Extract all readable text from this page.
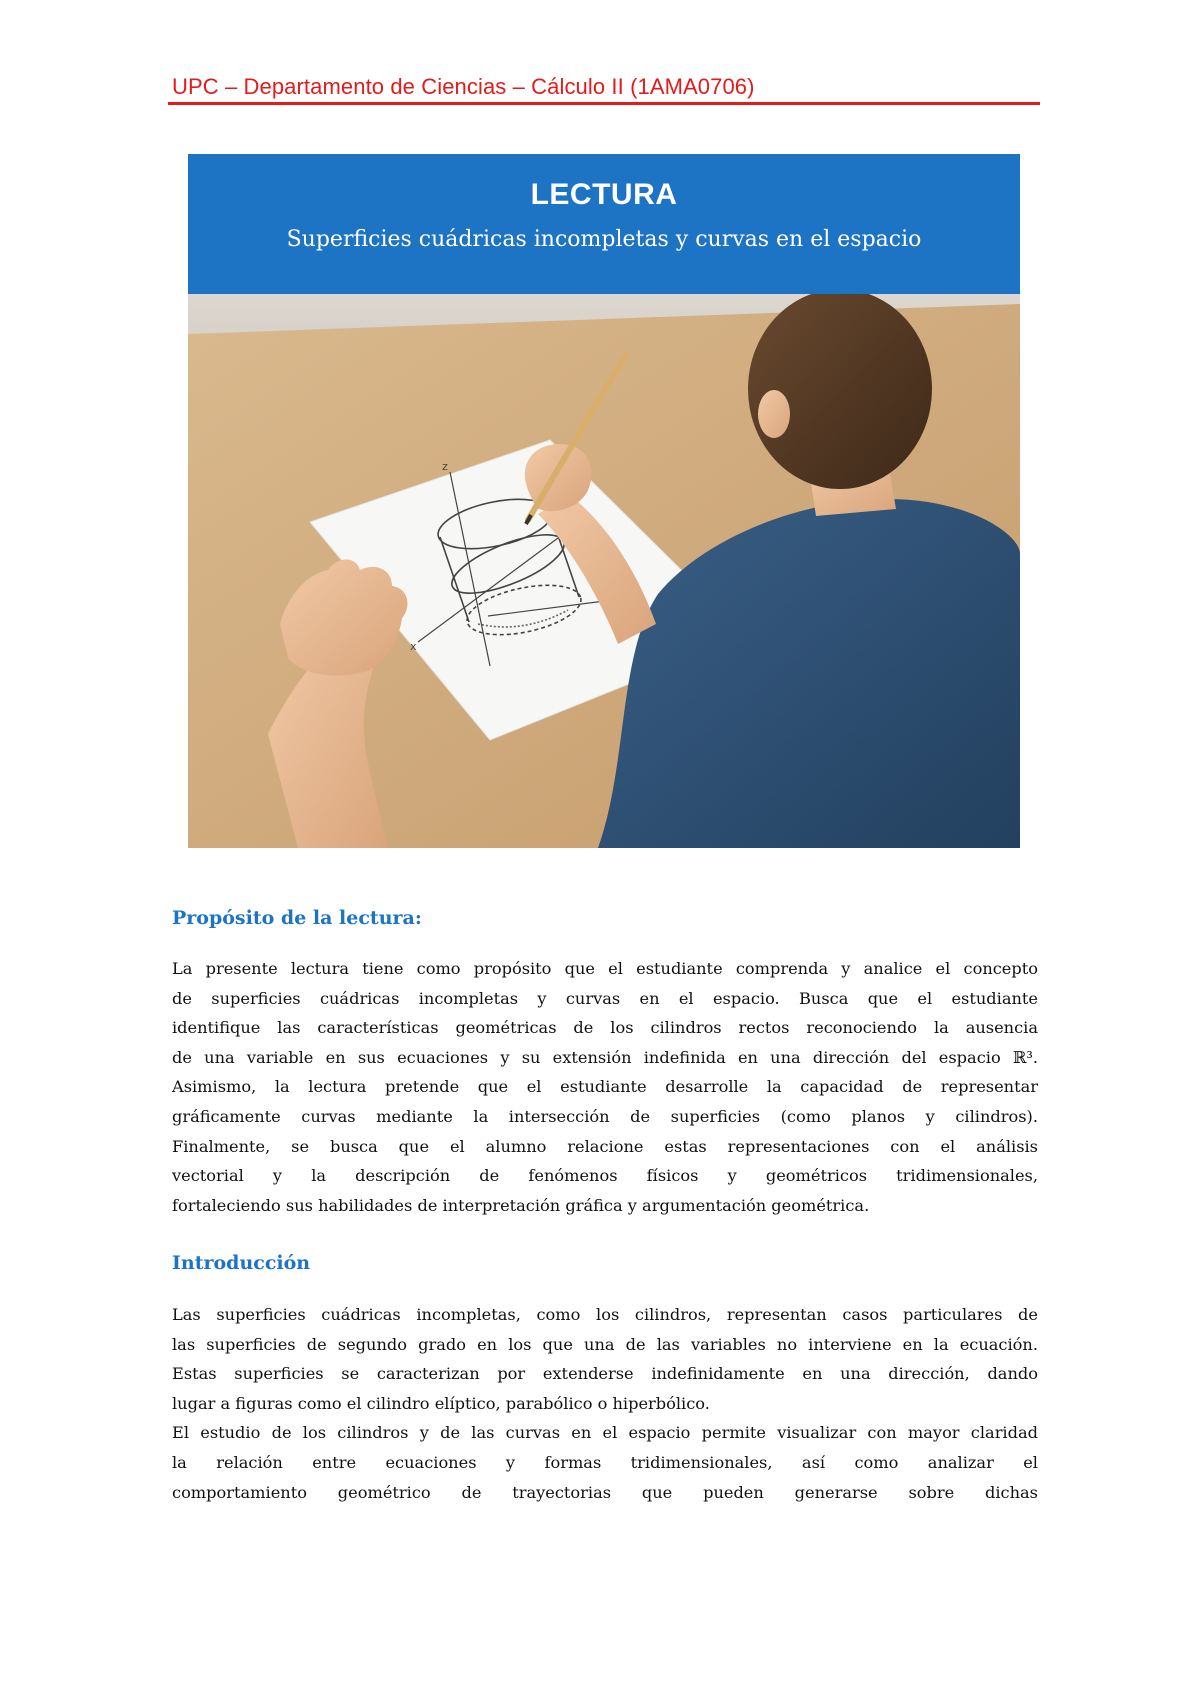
UPC – Departamento de Ciencias – Cálculo II (1AMA0706)
LECTURA
Superficies cuádricas incompletas y curvas en el espacio
z
x
Propósito de la lectura:
La presente lectura tiene como propósito que el estudiante comprenda y analice el concepto
de superficies cuádricas incompletas y curvas en el espacio. Busca que el estudiante
identifique las características geométricas de los cilindros rectos reconociendo la ausencia
de una variable en sus ecuaciones y su extensión indefinida en una dirección del espacio ℝ³.
Asimismo, la lectura pretende que el estudiante desarrolle la capacidad de representar
gráficamente curvas mediante la intersección de superficies (como planos y cilindros).
Finalmente, se busca que el alumno relacione estas representaciones con el análisis
vectorial y la descripción de fenómenos físicos y geométricos tridimensionales,
fortaleciendo sus habilidades de interpretación gráfica y argumentación geométrica.
Introducción
Las superficies cuádricas incompletas, como los cilindros, representan casos particulares de
las superficies de segundo grado en los que una de las variables no interviene en la ecuación.
Estas superficies se caracterizan por extenderse indefinidamente en una dirección, dando
lugar a figuras como el cilindro elíptico, parabólico o hiperbólico.
El estudio de los cilindros y de las curvas en el espacio permite visualizar con mayor claridad
la relación entre ecuaciones y formas tridimensionales, así como analizar el
comportamiento geométrico de trayectorias que pueden generarse sobre dichas
